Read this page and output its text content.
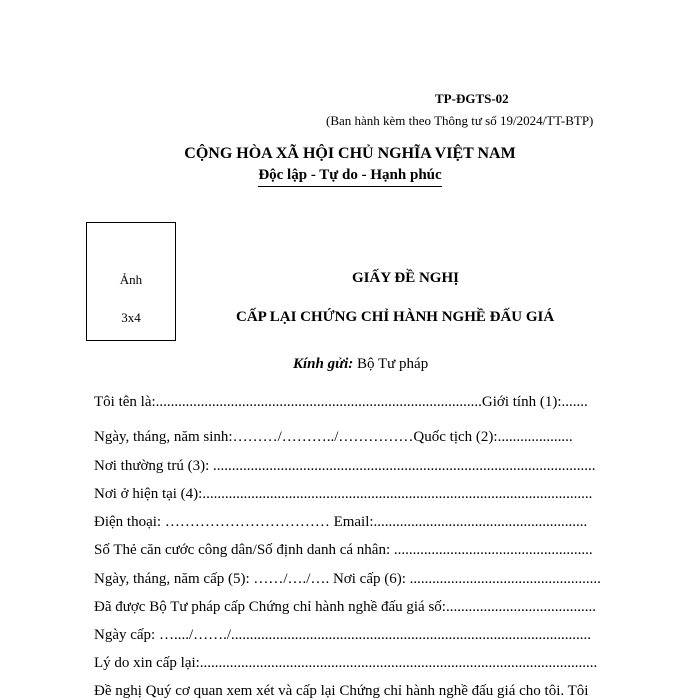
TP-ĐGTS-02
(Ban hành kèm theo Thông tư số 19/2024/TT-BTP)
CỘNG HÒA XÃ HỘI CHỦ NGHĨA VIỆT NAM
Độc lập - Tự do - Hạnh phúc
Ảnh
3x4
GIẤY ĐỀ NGHỊ
CẤP LẠI CHỨNG CHỈ HÀNH NGHỀ ĐẤU GIÁ
Kính gửi: Bộ Tư pháp
Tôi tên là:.......................................................................................Giới tính (1):.......
Ngày, tháng, năm sinh:………/………../……………Quốc tịch (2):....................
Nơi thường trú (3): ......................................................................................................
Nơi ở hiện tại (4):........................................................................................................
Điện thoại: …………………………… Email:.........................................................
Số Thẻ căn cước công dân/Số định danh cá nhân: .....................................................
Ngày, tháng, năm cấp (5): ……/…./…. Nơi cấp (6): ...................................................
Đã được Bộ Tư pháp cấp Chứng chỉ hành nghề đấu giá số:........................................
Ngày cấp: …..../……./................................................................................................
Lý do xin cấp lại:..........................................................................................................
Đề nghị Quý cơ quan xem xét và cấp lại Chứng chỉ hành nghề đấu giá cho tôi. Tôi
